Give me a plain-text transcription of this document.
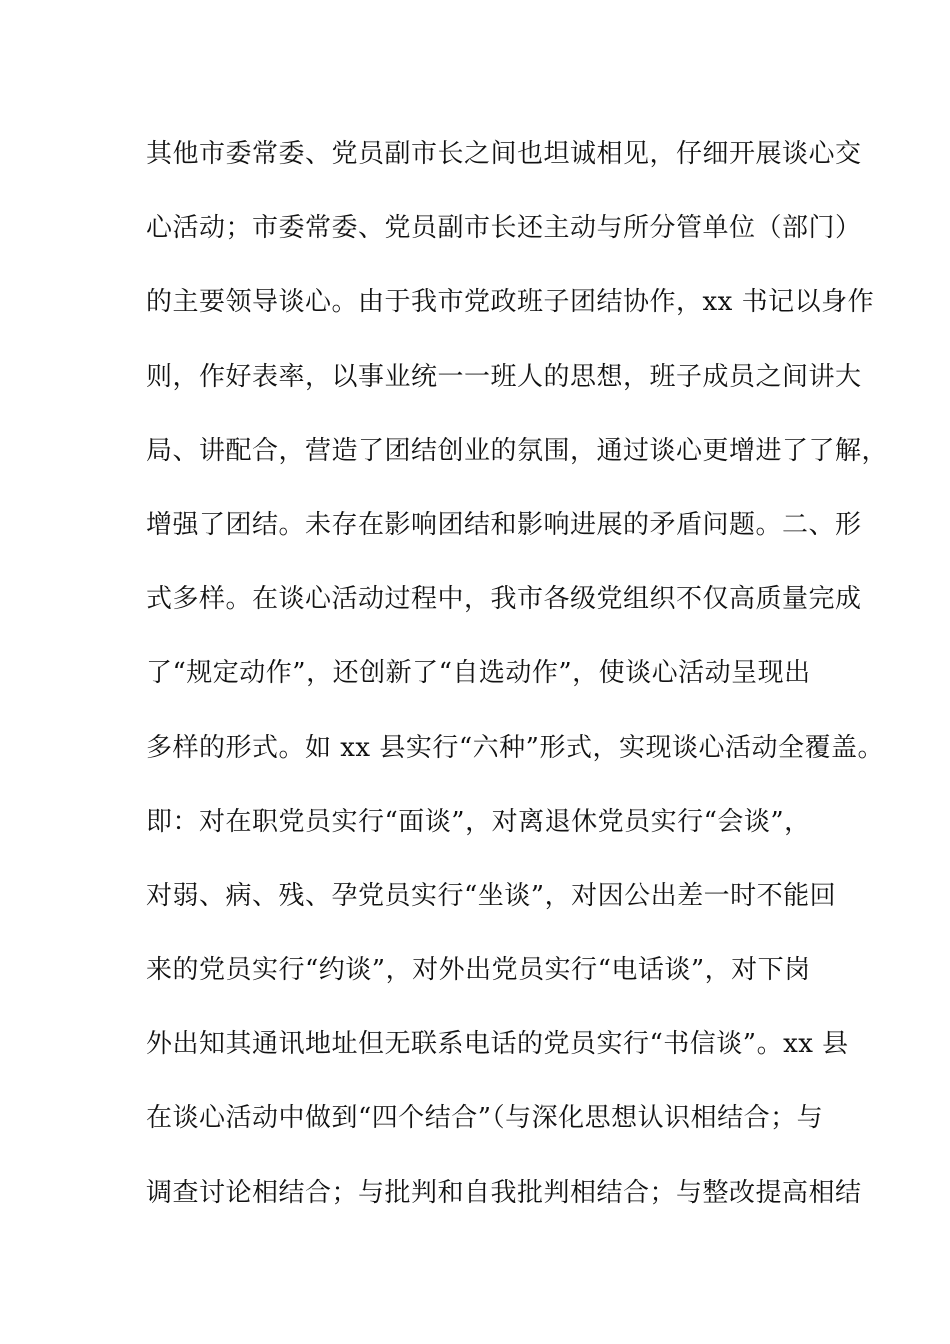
其他市委常委、党员副市长之间也坦诚相见，仔细开展谈心交
心活动；市委常委、党员副市长还主动与所分管单位（部门）
的主要领导谈心。由于我市党政班子团结协作，xx 书记以身作
则，作好表率，以事业统一一班人的思想，班子成员之间讲大
局、讲配合，营造了团结创业的氛围，通过谈心更增进了了解，
增强了团结。未存在影响团结和影响进展的矛盾问题。二、形
式多样。在谈心活动过程中，我市各级党组织不仅高质量完成
了“规定动作”，还创新了“自选动作”，使谈心活动呈现出
多样的形式。如 xx 县实行“六种”形式，实现谈心活动全覆盖。
即：对在职党员实行“面谈”，对离退休党员实行“会谈”，
对弱、病、残、孕党员实行“坐谈”，对因公出差一时不能回
来的党员实行“约谈”，对外出党员实行“电话谈”，对下岗
外出知其通讯地址但无联系电话的党员实行“书信谈”。xx 县
在谈心活动中做到“四个结合”（与深化思想认识相结合；与
调查讨论相结合；与批判和自我批判相结合；与整改提高相结
